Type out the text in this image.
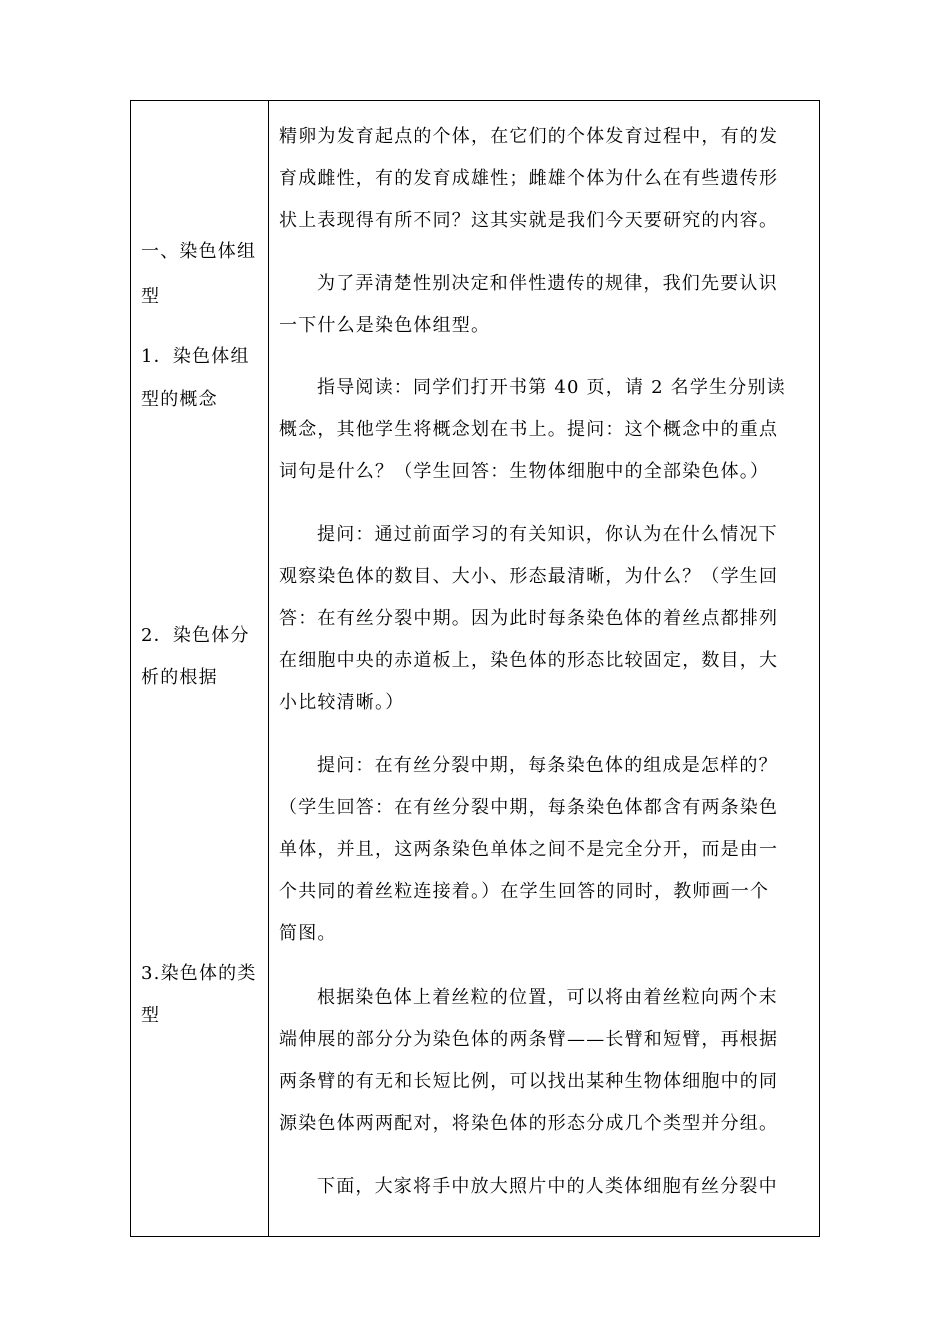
一、染色体组
型
1．染色体组
型的概念
2．染色体分
析的根据
3.染色体的类
型
精卵为发育起点的个体，在它们的个体发育过程中，有的发
育成雌性，有的发育成雄性；雌雄个体为什么在有些遗传形
状上表现得有所不同？这其实就是我们今天要研究的内容。
为了弄清楚性别决定和伴性遗传的规律，我们先要认识
一下什么是染色体组型。
指导阅读：同学们打开书第 40 页，请 2 名学生分别读
概念，其他学生将概念划在书上。提问：这个概念中的重点
词句是什么？（学生回答：生物体细胞中的全部染色体。）
提问：通过前面学习的有关知识，你认为在什么情况下
观察染色体的数目、大小、形态最清晰，为什么？（学生回
答：在有丝分裂中期。因为此时每条染色体的着丝点都排列
在细胞中央的赤道板上，染色体的形态比较固定，数目，大
小比较清晰。）
提问：在有丝分裂中期，每条染色体的组成是怎样的？
（学生回答：在有丝分裂中期，每条染色体都含有两条染色
单体，并且，这两条染色单体之间不是完全分开，而是由一
个共同的着丝粒连接着。）在学生回答的同时，教师画一个
简图。
根据染色体上着丝粒的位置，可以将由着丝粒向两个末
端伸展的部分分为染色体的两条臂——长臂和短臂，再根据
两条臂的有无和长短比例，可以找出某种生物体细胞中的同
源染色体两两配对，将染色体的形态分成几个类型并分组。
下面，大家将手中放大照片中的人类体细胞有丝分裂中
